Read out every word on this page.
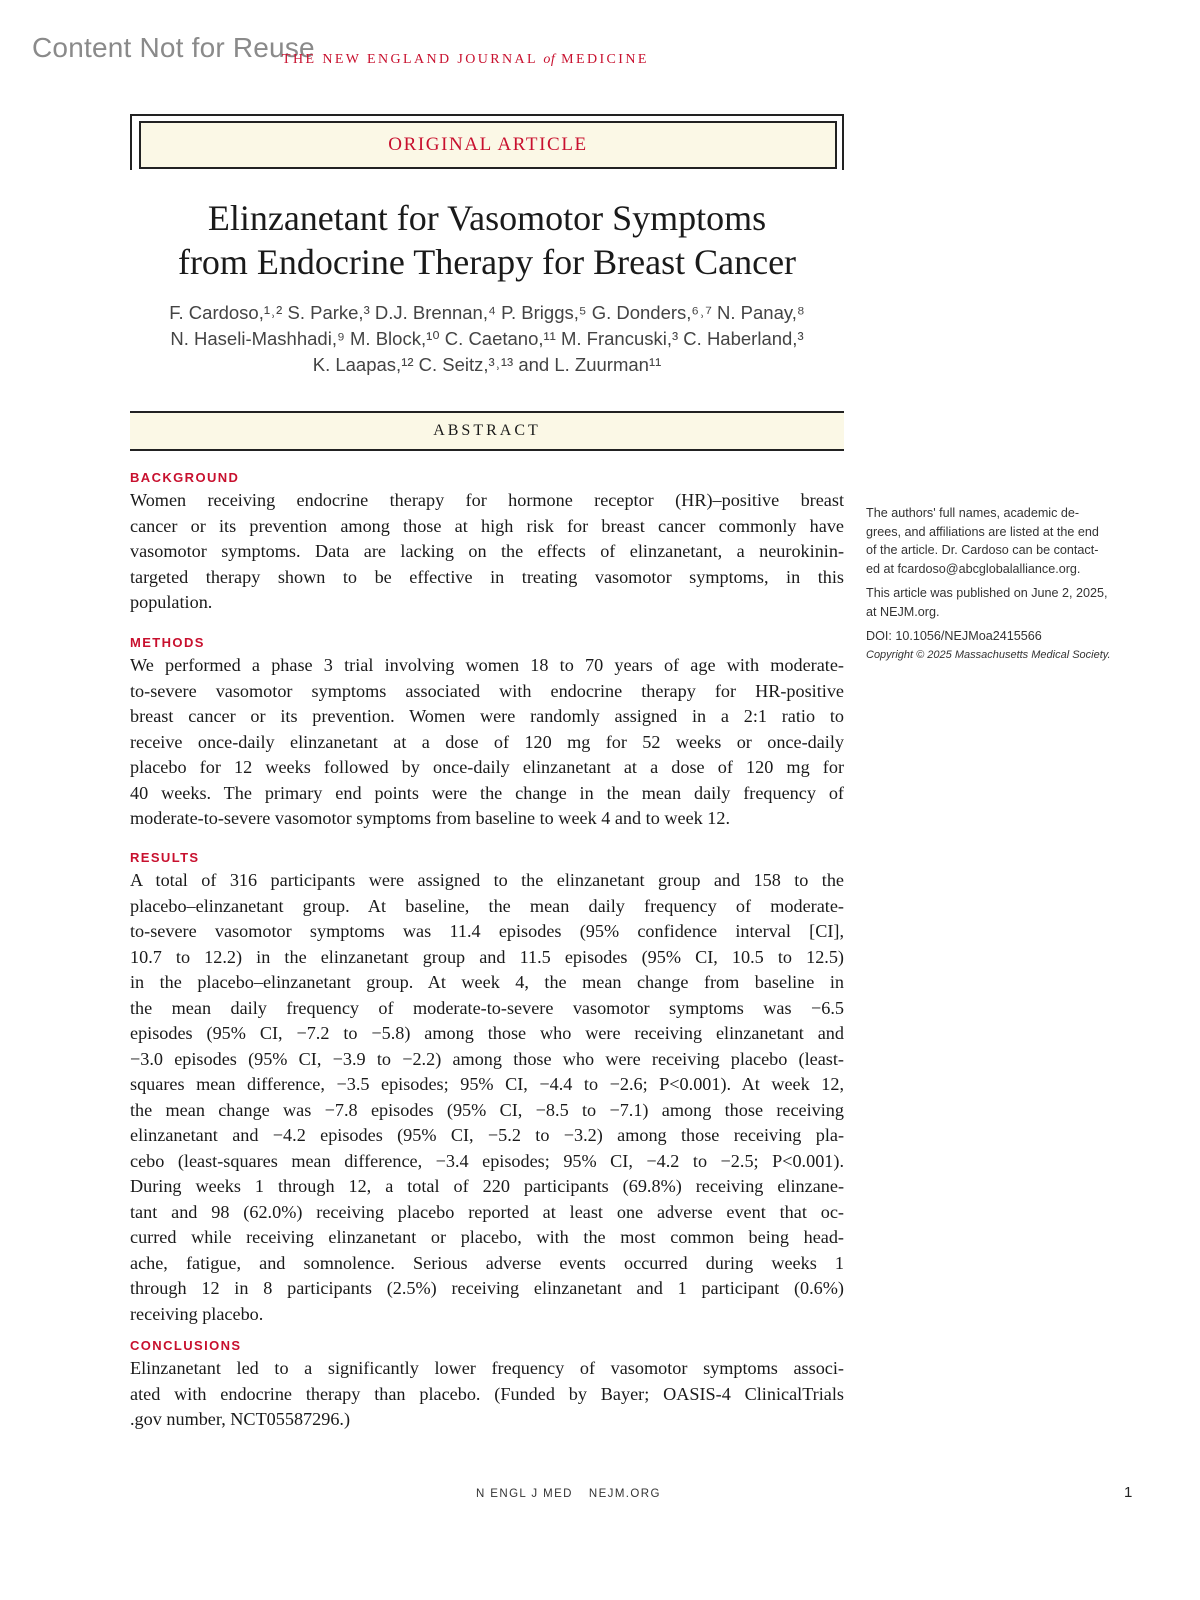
Content Not for Reuse
THE NEW ENGLAND JOURNAL of MEDICINE
ORIGINAL ARTICLE
Elinzanetant for Vasomotor Symptoms
from Endocrine Therapy for Breast Cancer
F. Cardoso,¹˒² S. Parke,³ D.J. Brennan,⁴ P. Briggs,⁵ G. Donders,⁶˒⁷ N. Panay,⁸
N. Haseli-Mashhadi,⁹ M. Block,¹⁰ C. Caetano,¹¹ M. Francuski,³ C. Haberland,³
K. Laapas,¹² C. Seitz,³˒¹³ and L. Zuurman¹¹
ABSTRACT
BACKGROUND
Women receiving endocrine therapy for hormone receptor (HR)–positive breast
cancer or its prevention among those at high risk for breast cancer commonly have
vasomotor symptoms. Data are lacking on the effects of elinzanetant, a neurokinin-
targeted therapy shown to be effective in treating vasomotor symptoms, in this
population.
METHODS
We performed a phase 3 trial involving women 18 to 70 years of age with moderate-
to-severe vasomotor symptoms associated with endocrine therapy for HR-positive
breast cancer or its prevention. Women were randomly assigned in a 2:1 ratio to
receive once-daily elinzanetant at a dose of 120 mg for 52 weeks or once-daily
placebo for 12 weeks followed by once-daily elinzanetant at a dose of 120 mg for
40 weeks. The primary end points were the change in the mean daily frequency of
moderate-to-severe vasomotor symptoms from baseline to week 4 and to week 12.
RESULTS
A total of 316 participants were assigned to the elinzanetant group and 158 to the
placebo–elinzanetant group. At baseline, the mean daily frequency of moderate-
to-severe vasomotor symptoms was 11.4 episodes (95% confidence interval [CI],
10.7 to 12.2) in the elinzanetant group and 11.5 episodes (95% CI, 10.5 to 12.5)
in the placebo–elinzanetant group. At week 4, the mean change from baseline in
the mean daily frequency of moderate-to-severe vasomotor symptoms was −6.5
episodes (95% CI, −7.2 to −5.8) among those who were receiving elinzanetant and
−3.0 episodes (95% CI, −3.9 to −2.2) among those who were receiving placebo (least-
squares mean difference, −3.5 episodes; 95% CI, −4.4 to −2.6; P<0.001). At week 12,
the mean change was −7.8 episodes (95% CI, −8.5 to −7.1) among those receiving
elinzanetant and −4.2 episodes (95% CI, −5.2 to −3.2) among those receiving pla-
cebo (least-squares mean difference, −3.4 episodes; 95% CI, −4.2 to −2.5; P<0.001).
During weeks 1 through 12, a total of 220 participants (69.8%) receiving elinzane-
tant and 98 (62.0%) receiving placebo reported at least one adverse event that oc-
curred while receiving elinzanetant or placebo, with the most common being head-
ache, fatigue, and somnolence. Serious adverse events occurred during weeks 1
through 12 in 8 participants (2.5%) receiving elinzanetant and 1 participant (0.6%)
receiving placebo.
CONCLUSIONS
Elinzanetant led to a significantly lower frequency of vasomotor symptoms associ-
ated with endocrine therapy than placebo. (Funded by Bayer; OASIS-4 ClinicalTrials
.gov number, NCT05587296.)

The authors' full names, academic de-
grees, and affiliations are listed at the end
of the article. Dr. Cardoso can be contact-
ed at fcardoso@abcglobalalliance.org.

This article was published on June 2, 2025,
at NEJM.org.

DOI: 10.1056/NEJMoa2415566
Copyright © 2025 Massachusetts Medical Society.

N ENGL J MED NEJM.ORG	1
